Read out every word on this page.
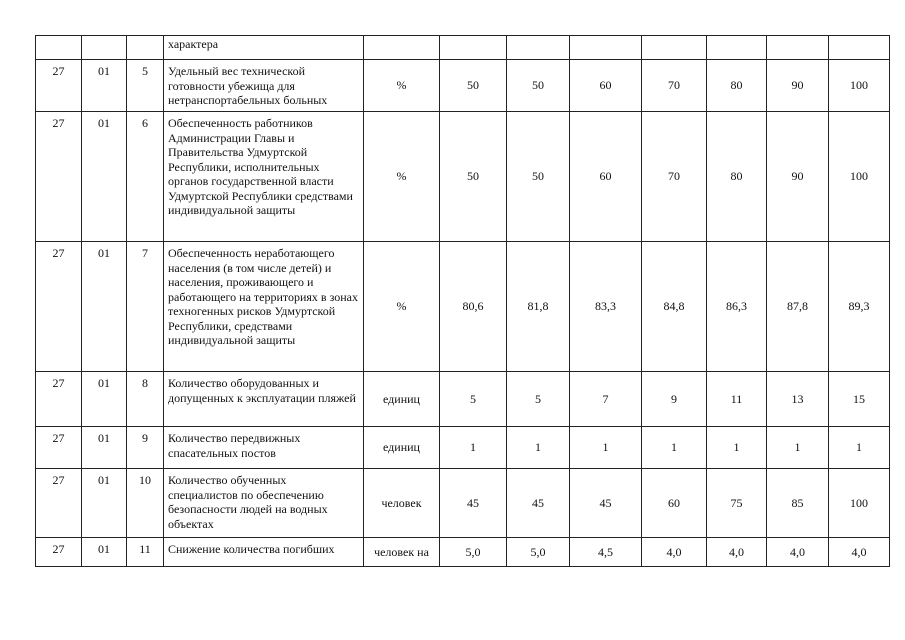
			характера								
27	01	5	Удельный вес технической готовности убежища для нетранспортабельных больных	%	50	50	60	70	80	90	100
27	01	6	Обеспеченность работников Администрации Главы и Правительства Удмуртской Республики, исполнительных органов государственной власти Удмуртской Республики средствами индивидуальной защиты	%	50	50	60	70	80	90	100
27	01	7	Обеспеченность неработающего населения (в том числе детей) и населения, проживающего и работающего на территориях в зонах техногенных рисков Удмуртской Республики, средствами индивидуальной защиты	%	80,6	81,8	83,3	84,8	86,3	87,8	89,3
27	01	8	Количество оборудованных и допущенных к эксплуатации пляжей	единиц	5	5	7	9	11	13	15
27	01	9	Количество передвижных спасательных постов	единиц	1	1	1	1	1	1	1
27	01	10	Количество обученных специалистов по обеспечению безопасности людей на водных объектах	человек	45	45	45	60	75	85	100
27	01	11	Снижение количества погибших	человек на	5,0	5,0	4,5	4,0	4,0	4,0	4,0
